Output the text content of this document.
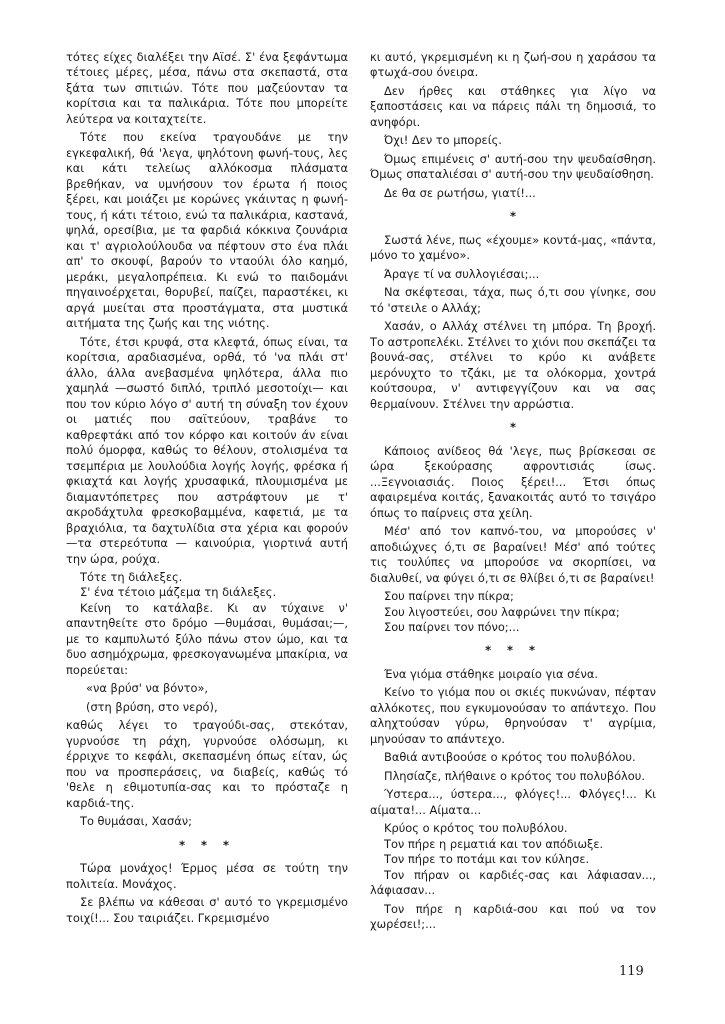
τότες είχες διαλέξει την Αϊσέ. Σ' ένα ξεφάντωμα τέτοιες μέρες, μέσα, πάνω στα σκεπαστά, στα ξάτα των σπιτιών. Τότε που μαζεύονταν τα κορίτσια και τα παλικάρια. Τότε που μπορείτε λεύτερα να κοιταχτείτε.

Τότε που εκείνα τραγουδάνε με την εγκεφαλική, θά 'λεγα, ψηλότονη φωνή-τους, λες και κάτι τελείως αλλόκοσμα πλάσματα βρεθήκαν, να υμνήσουν τον έρωτα ή ποιος ξέρει, και μοιάζει με κορώνες γκάιντας η φωνή-τους, ή κάτι τέτοιο, ενώ τα παλικάρια, καστανά, ψηλά, ορεσίβια, με τα φαρδιά κόκκινα ζουνάρια και τ' αγριολούλουδα να πέφτουν στο ένα πλάι απ' το σκουφί, βαρούν το νταούλι όλο καημό, μεράκι, μεγαλοπρέπεια. Κι ενώ το παιδομάνι πηγαινοέρχεται, θορυβεί, παίζει, παραστέκει, κι αργά μυείται στα προστάγματα, στα μυστικά αιτήματα της ζωής και της νιότης.

Τότε, έτσι κρυφά, στα κλεφτά, όπως είναι, τα κορίτσια, αραδιασμένα, ορθά, τό 'να πλάι στ' άλλο, άλλα ανεβασμένα ψηλότερα, άλλα πιο χαμηλά —σωστό διπλό, τριπλό μεσοτοίχι— και που τον κύριο λόγο σ' αυτή τη σύναξη τον έχουν οι ματιές που σαϊτεύουν, τραβάνε το καθρεφτάκι από τον κόρφο και κοιτούν άν είναι πολύ όμορφα, καθώς το θέλουν, στολισμένα τα τσεμπέρια με λουλούδια λογής λογής, φρέσκα ή φκιαχτά και λογής χρυσαφικά, πλουμισμένα με διαμαντόπετρες που αστράφτουν με τ' ακροδάχτυλα φρεσκοβαμμένα, καφετιά, με τα βραχιόλια, τα δαχτυλίδια στα χέρια και φορούν —τα στερεότυπα — καινούρια, γιορτινά αυτή την ώρα, ρούχα.

Τότε τη διάλεξες.

Σ' ένα τέτοιο μάζεμα τη διάλεξες.

Κείνη το κατάλαβε. Κι αν τύχαινε ν' απαντηθείτε στο δρόμο —θυμάσαι, θυμάσαι;—, με το καμπυλωτό ξύλο πάνω στον ώμο, και τα δυο ασημόχρωμα, φρεσκογανωμένα μπακίρια, να πορεύεται:

«να βρύσ' να βόντο»,

(στη βρύση, στο νερό),

καθώς λέγει το τραγούδι-σας, στεκόταν, γυρνούσε τη ράχη, γυρνούσε ολόσωμη, κι έρριχνε το κεφάλι, σκεπασμένη όπως είταν, ώς που να προσπεράσεις, να διαβείς, καθώς τό 'θελε η εθιμοτυπία-σας και το πρόσταζε η καρδιά-της.

Το θυμάσαι, Χασάν;

* * *

Τώρα μονάχος! Έρμος μέσα σε τούτη την πολιτεία. Μονάχος.

Σε βλέπω να κάθεσαι σ' αυτό το γκρεμισμένο τοιχί!... Σου ταιριάζει. Γκρεμισμένο

κι αυτό, γκρεμισμένη κι η ζωή-σου η χαράσου τα φτωχά-σου όνειρα.

Δεν ήρθες και στάθηκες για λίγο να ξαποστάσεις και να πάρεις πάλι τη δημοσιά, το ανηφόρι.

Όχι! Δεν το μπορείς.

Όμως επιμένεις σ' αυτή-σου την ψευδαίσθηση. Όμως σπαταλιέσαι σ' αυτή-σου την ψευδαίσθηση.

Δε θα σε ρωτήσω, γιατί!...

*

Σωστά λένε, πως «έχουμε» κοντά-μας, «πάντα, μόνο το χαμένο».

Άραγε τί να συλλογιέσαι;...

Να σκέφτεσαι, τάχα, πως ό,τι σου γίνηκε, σου τό 'στειλε ο Αλλάχ;

Χασάν, ο Αλλάχ στέλνει τη μπόρα. Τη βροχή. Το αστροπελέκι. Στέλνει το χιόνι που σκεπάζει τα βουνά-σας, στέλνει το κρύο κι ανάβετε μερόνυχτο το τζάκι, με τα ολόκορμα, χοντρά κούτσουρα, ν' αντιφεγγίζουν και να σας θερμαίνουν. Στέλνει την αρρώστια.

*

Κάποιος ανίδεος θά 'λεγε, πως βρίσκεσαι σε ώρα ξεκούρασης αφροντισιάς ίσως. ...Ξεγνοιασιάς. Ποιος ξέρει!... Έτσι όπως αφαιρεμένα κοιτάς, ξανακοιτάς αυτό το τσιγάρο όπως το παίρνεις στα χείλη.

Μέσ' από τον καπνό-του, να μπορούσες ν' αποδιώχνες ό,τι σε βαραίνει! Μέσ' από τούτες τις τουλύπες να μπορούσε να σκορπίσει, να διαλυθεί, να φύγει ό,τι σε θλίβει ό,τι σε βαραίνει!

Σου παίρνει την πίκρα;

Σου λιγοστεύει, σου λαφρώνει την πίκρα;

Σου παίρνει τον πόνο;...

* * *

Ένα γιόμα στάθηκε μοιραίο για σένα.

Κείνο το γιόμα που οι σκιές πυκνώναν, πέφταν αλλόκοτες, που εγκυμονούσαν το απάντεχο. Που αληχτούσαν γύρω, θρηνούσαν τ' αγρίμια, μηνούσαν το απάντεχο.

Βαθιά αντιβοούσε ο κρότος του πολυβόλου.

Πλησίαζε, πλήθαινε ο κρότος του πολυβόλου.

Ύστερα..., ύστερα..., φλόγες!... Φλόγες!... Κι αίματα!... Αίματα...

Κρύος ο κρότος του πολυβόλου.

Τον πήρε η ρεματιά και τον απόδιωξε.

Τον πήρε το ποτάμι και τον κύλησε.

Τον πήραν οι καρδιές-σας και λάφιασαν..., λάφιασαν...

Τον πήρε η καρδιά-σου και πού να τον χωρέσει!;...

119
